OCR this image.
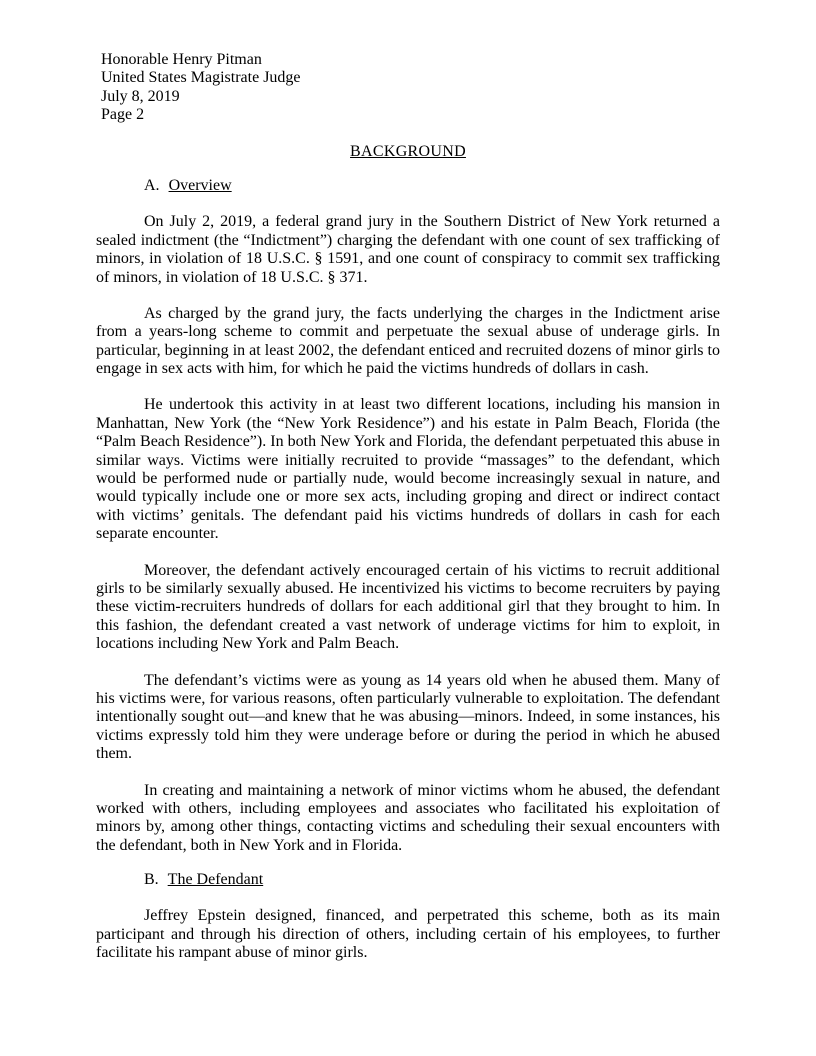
Honorable Henry Pitman
United States Magistrate Judge
July 8, 2019
Page 2
BACKGROUND
A. Overview

On July 2, 2019, a federal grand jury in the Southern District of New York returned a sealed indictment (the “Indictment”) charging the defendant with one count of sex trafficking of minors, in violation of 18 U.S.C. § 1591, and one count of conspiracy to commit sex trafficking of minors, in violation of 18 U.S.C. § 371.

As charged by the grand jury, the facts underlying the charges in the Indictment arise from a years-long scheme to commit and perpetuate the sexual abuse of underage girls. In particular, beginning in at least 2002, the defendant enticed and recruited dozens of minor girls to engage in sex acts with him, for which he paid the victims hundreds of dollars in cash.

He undertook this activity in at least two different locations, including his mansion in Manhattan, New York (the “New York Residence”) and his estate in Palm Beach, Florida (the “Palm Beach Residence”). In both New York and Florida, the defendant perpetuated this abuse in similar ways. Victims were initially recruited to provide “massages” to the defendant, which would be performed nude or partially nude, would become increasingly sexual in nature, and would typically include one or more sex acts, including groping and direct or indirect contact with victims’ genitals. The defendant paid his victims hundreds of dollars in cash for each separate encounter.

Moreover, the defendant actively encouraged certain of his victims to recruit additional girls to be similarly sexually abused. He incentivized his victims to become recruiters by paying these victim-recruiters hundreds of dollars for each additional girl that they brought to him. In this fashion, the defendant created a vast network of underage victims for him to exploit, in locations including New York and Palm Beach.

The defendant’s victims were as young as 14 years old when he abused them. Many of his victims were, for various reasons, often particularly vulnerable to exploitation. The defendant intentionally sought out—and knew that he was abusing—minors. Indeed, in some instances, his victims expressly told him they were underage before or during the period in which he abused them.

In creating and maintaining a network of minor victims whom he abused, the defendant worked with others, including employees and associates who facilitated his exploitation of minors by, among other things, contacting victims and scheduling their sexual encounters with the defendant, both in New York and in Florida.

B. The Defendant

Jeffrey Epstein designed, financed, and perpetrated this scheme, both as its main participant and through his direction of others, including certain of his employees, to further facilitate his rampant abuse of minor girls.
